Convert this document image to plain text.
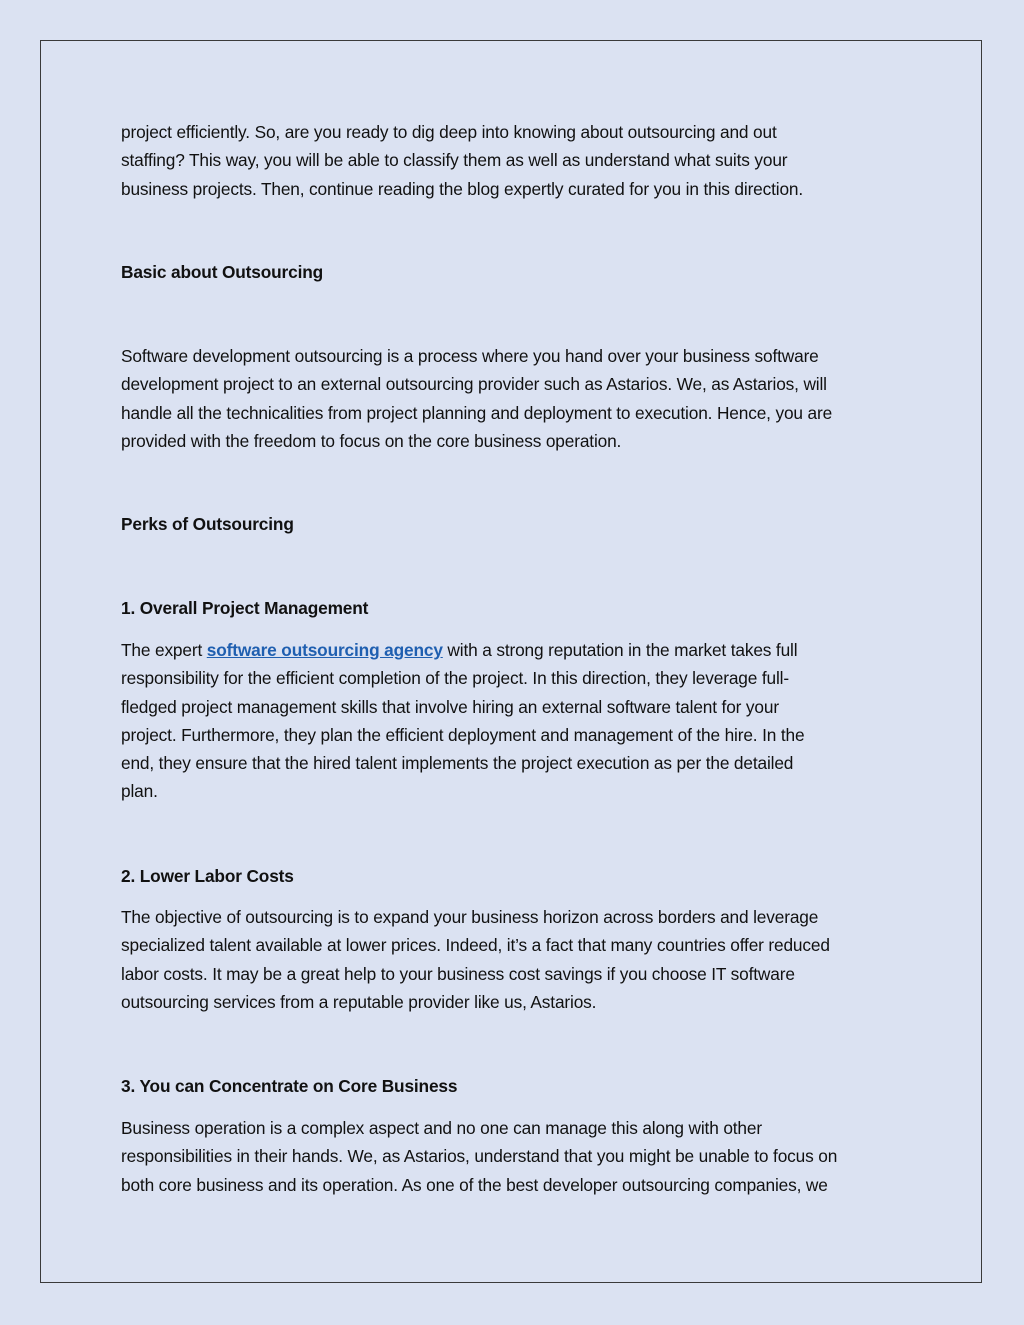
project efficiently. So, are you ready to dig deep into knowing about outsourcing and out
staffing? This way, you will be able to classify them as well as understand what suits your
business projects. Then, continue reading the blog expertly curated for you in this direction.

Basic about Outsourcing

Software development outsourcing is a process where you hand over your business software
development project to an external outsourcing provider such as Astarios. We, as Astarios, will
handle all the technicalities from project planning and deployment to execution. Hence, you are
provided with the freedom to focus on the core business operation.

Perks of Outsourcing
1. Overall Project Management

The expert software outsourcing agency with a strong reputation in the market takes full
responsibility for the efficient completion of the project. In this direction, they leverage full-
fledged project management skills that involve hiring an external software talent for your
project. Furthermore, they plan the efficient deployment and management of the hire. In the
end, they ensure that the hired talent implements the project execution as per the detailed
plan.

2. Lower Labor Costs

The objective of outsourcing is to expand your business horizon across borders and leverage
specialized talent available at lower prices. Indeed, it’s a fact that many countries offer reduced
labor costs. It may be a great help to your business cost savings if you choose IT software
outsourcing services from a reputable provider like us, Astarios.

3. You can Concentrate on Core Business

Business operation is a complex aspect and no one can manage this along with other
responsibilities in their hands. We, as Astarios, understand that you might be unable to focus on
both core business and its operation. As one of the best developer outsourcing companies, we
